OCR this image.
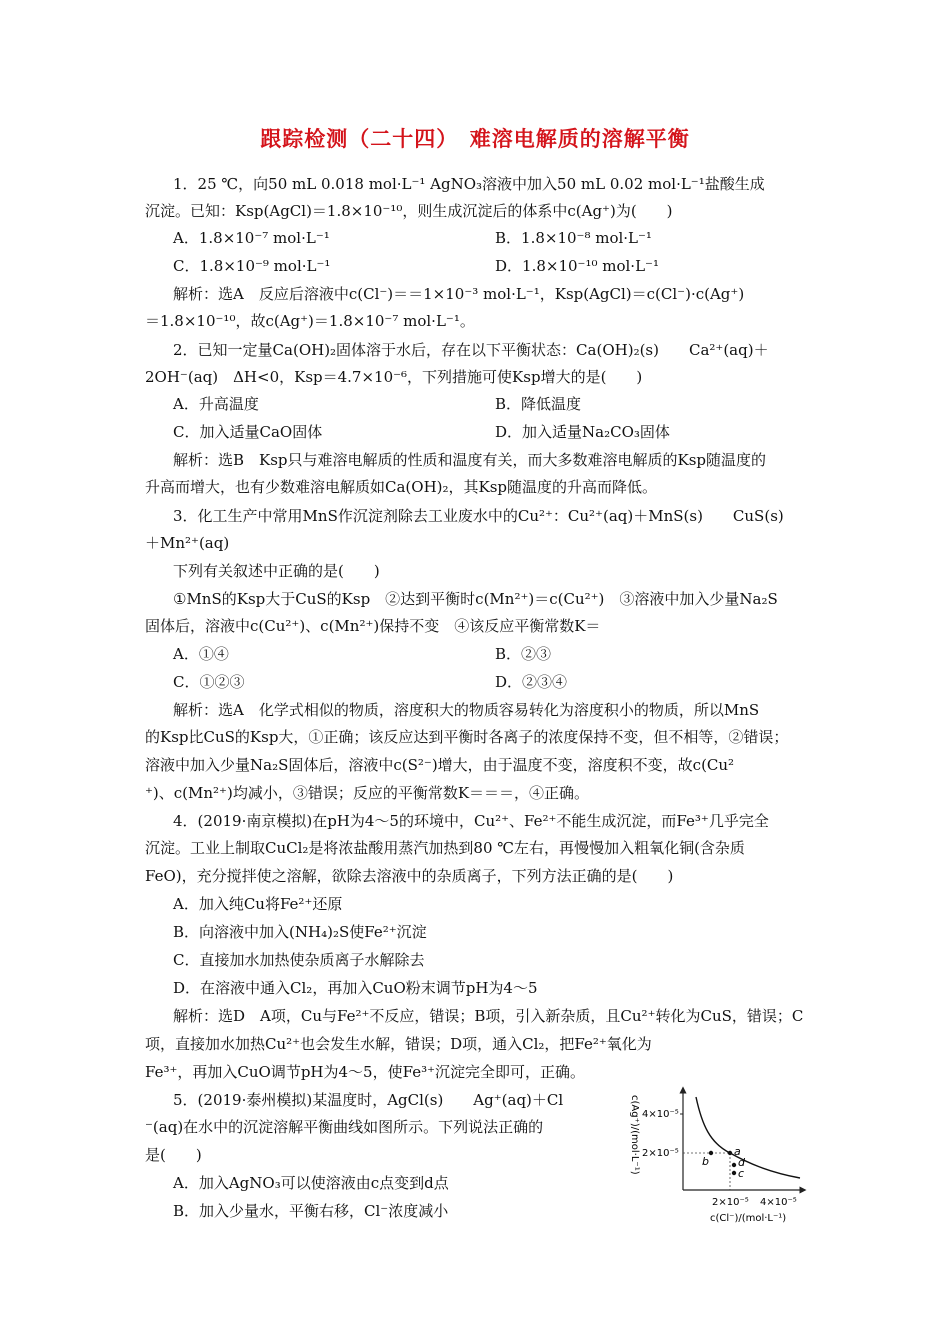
跟踪检测（二十四）　难溶电解质的溶解平衡
1．25 ℃，向50 mL 0.018 mol·L⁻¹ AgNO₃溶液中加入50 mL 0.02 mol·L⁻¹盐酸生成
沉淀。已知：Ksp(AgCl)＝1.8×10⁻¹⁰，则生成沉淀后的体系中c(Ag⁺)为(　　)
A．1.8×10⁻⁷ mol·L⁻¹	B．1.8×10⁻⁸ mol·L⁻¹
C．1.8×10⁻⁹ mol·L⁻¹	D．1.8×10⁻¹⁰ mol·L⁻¹
解析：选A　反应后溶液中c(Cl⁻)＝＝1×10⁻³ mol·L⁻¹，Ksp(AgCl)＝c(Cl⁻)·c(Ag⁺)
＝1.8×10⁻¹⁰，故c(Ag⁺)＝1.8×10⁻⁷ mol·L⁻¹。
2．已知一定量Ca(OH)₂固体溶于水后，存在以下平衡状态：Ca(OH)₂(s)　　Ca²⁺(aq)＋
2OH⁻(aq)　ΔH<0，Ksp＝4.7×10⁻⁶，下列措施可使Ksp增大的是(　　)
A．升高温度	B．降低温度
C．加入适量CaO固体	D．加入适量Na₂CO₃固体
解析：选B　Ksp只与难溶电解质的性质和温度有关，而大多数难溶电解质的Ksp随温度的
升高而增大，也有少数难溶电解质如Ca(OH)₂，其Ksp随温度的升高而降低。
3．化工生产中常用MnS作沉淀剂除去工业废水中的Cu²⁺：Cu²⁺(aq)＋MnS(s)　　CuS(s)
＋Mn²⁺(aq)
下列有关叙述中正确的是(　　)
①MnS的Ksp大于CuS的Ksp　②达到平衡时c(Mn²⁺)＝c(Cu²⁺)　③溶液中加入少量Na₂S
固体后，溶液中c(Cu²⁺)、c(Mn²⁺)保持不变　④该反应平衡常数K＝
A．①④	B．②③
C．①②③	D．②③④
解析：选A　化学式相似的物质，溶度积大的物质容易转化为溶度积小的物质，所以MnS
的Ksp比CuS的Ksp大，①正确；该反应达到平衡时各离子的浓度保持不变，但不相等，②错误；
溶液中加入少量Na₂S固体后，溶液中c(S²⁻)增大，由于温度不变，溶度积不变，故c(Cu²
⁺)、c(Mn²⁺)均减小，③错误；反应的平衡常数K＝＝＝，④正确。
4．(2019·南京模拟)在pH为4～5的环境中，Cu²⁺、Fe²⁺不能生成沉淀，而Fe³⁺几乎完全
沉淀。工业上制取CuCl₂是将浓盐酸用蒸汽加热到80 ℃左右，再慢慢加入粗氧化铜(含杂质
FeO)，充分搅拌使之溶解，欲除去溶液中的杂质离子，下列方法正确的是(　　)
A．加入纯Cu将Fe²⁺还原
B．向溶液中加入(NH₄)₂S使Fe²⁺沉淀
C．直接加水加热使杂质离子水解除去
D．在溶液中通入Cl₂，再加入CuO粉末调节pH为4～5
解析：选D　A项，Cu与Fe²⁺不反应，错误；B项，引入新杂质，且Cu²⁺转化为CuS，错误；C
项，直接加水加热Cu²⁺也会发生水解，错误；D项，通入Cl₂，把Fe²⁺氧化为
Fe³⁺，再加入CuO调节pH为4～5，使Fe³⁺沉淀完全即可，正确。
5．(2019·泰州模拟)某温度时，AgCl(s)　　Ag⁺(aq)＋Cl
⁻(aq)在水中的沉淀溶解平衡曲线如图所示。下列说法正确的
是(　　)
A．加入AgNO₃可以使溶液由c点变到d点
B．加入少量水，平衡右移，Cl⁻浓度减小
a
b
c
d
4×10⁻⁵
2×10⁻⁵
2×10⁻⁵ 4×10⁻⁵
c(Cl⁻)/(mol·L⁻¹)
c(Ag⁺)/(mol·L⁻¹)
